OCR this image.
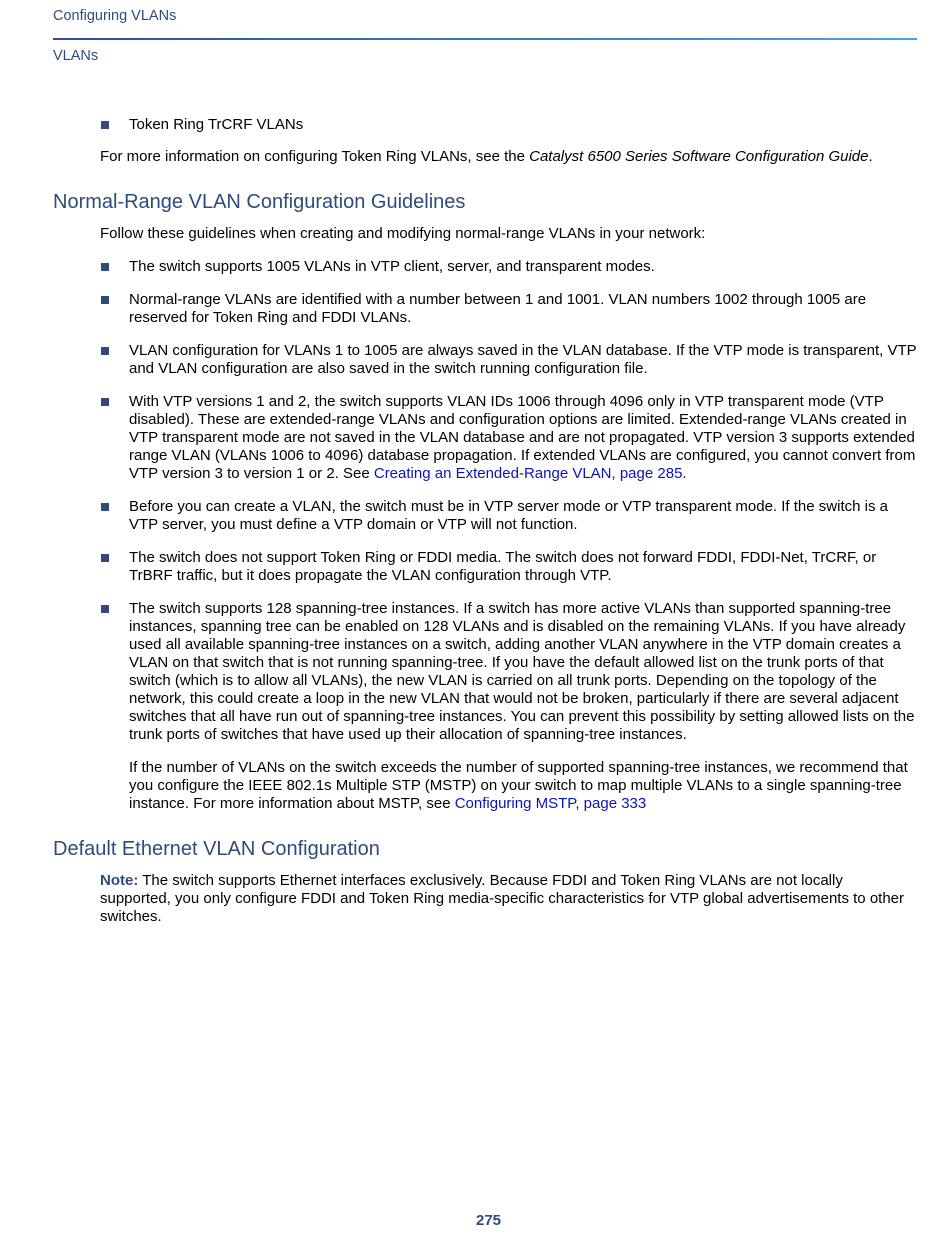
Configuring VLANs
VLANs
Token Ring TrCRF VLANs

For more information on configuring Token Ring VLANs, see the Catalyst 6500 Series Software Configuration Guide.

Normal-Range VLAN Configuration Guidelines

Follow these guidelines when creating and modifying normal-range VLANs in your network:

The switch supports 1005 VLANs in VTP client, server, and transparent modes.
Normal-range VLANs are identified with a number between 1 and 1001. VLAN numbers 1002 through 1005 are reserved for Token Ring and FDDI VLANs.
VLAN configuration for VLANs 1 to 1005 are always saved in the VLAN database. If the VTP mode is transparent, VTP and VLAN configuration are also saved in the switch running configuration file.
With VTP versions 1 and 2, the switch supports VLAN IDs 1006 through 4096 only in VTP transparent mode (VTP disabled). These are extended-range VLANs and configuration options are limited. Extended-range VLANs created in VTP transparent mode are not saved in the VLAN database and are not propagated. VTP version 3 supports extended range VLAN (VLANs 1006 to 4096) database propagation. If extended VLANs are configured, you cannot convert from VTP version 3 to version 1 or 2. See Creating an Extended-Range VLAN, page 285.
Before you can create a VLAN, the switch must be in VTP server mode or VTP transparent mode. If the switch is a VTP server, you must define a VTP domain or VTP will not function.
The switch does not support Token Ring or FDDI media. The switch does not forward FDDI, FDDI-Net, TrCRF, or TrBRF traffic, but it does propagate the VLAN configuration through VTP.
The switch supports 128 spanning-tree instances. If a switch has more active VLANs than supported spanning-tree instances, spanning tree can be enabled on 128 VLANs and is disabled on the remaining VLANs. If you have already used all available spanning-tree instances on a switch, adding another VLAN anywhere in the VTP domain creates a VLAN on that switch that is not running spanning-tree. If you have the default allowed list on the trunk ports of that switch (which is to allow all VLANs), the new VLAN is carried on all trunk ports. Depending on the topology of the network, this could create a loop in the new VLAN that would not be broken, particularly if there are several adjacent switches that all have run out of spanning-tree instances. You can prevent this possibility by setting allowed lists on the trunk ports of switches that have used up their allocation of spanning-tree instances.

If the number of VLANs on the switch exceeds the number of supported spanning-tree instances, we recommend that you configure the IEEE 802.1s Multiple STP (MSTP) on your switch to map multiple VLANs to a single spanning-tree instance. For more information about MSTP, see Configuring MSTP, page 333

Default Ethernet VLAN Configuration

Note: The switch supports Ethernet interfaces exclusively. Because FDDI and Token Ring VLANs are not locally supported, you only configure FDDI and Token Ring media-specific characteristics for VTP global advertisements to other switches.

275
